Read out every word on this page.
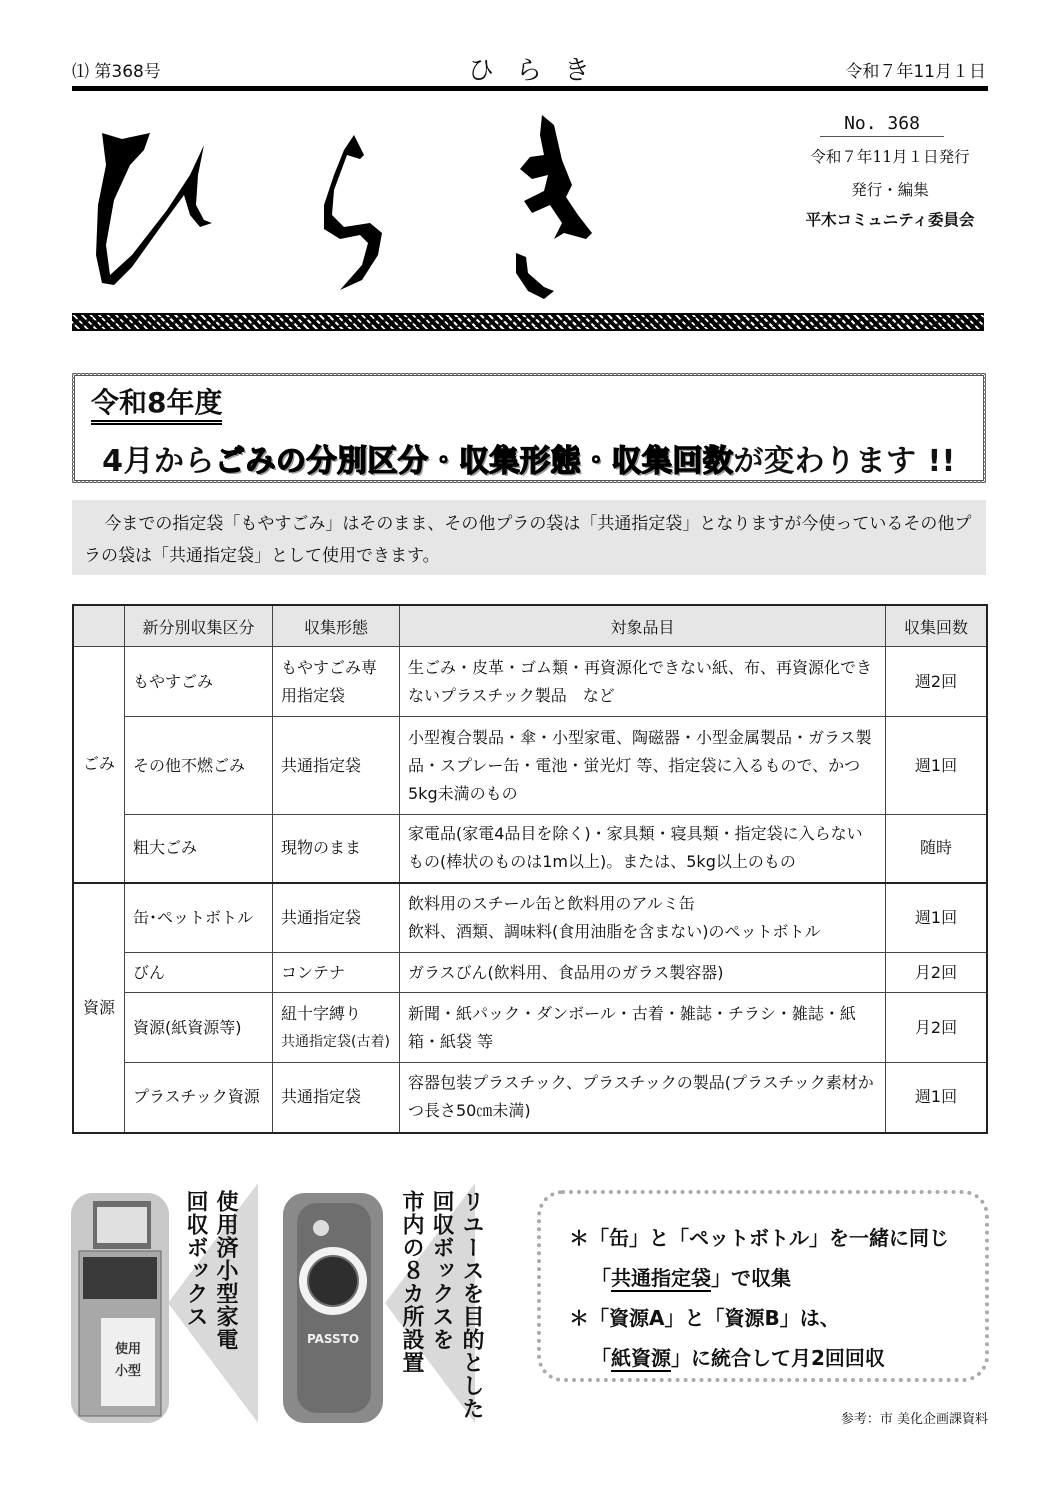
⑴ 第368号	ひらき	令和７年11月１日
No. 368
令和７年11月１日発行
発行・編集
平木コミュニティ委員会
令和8年度
4月からごみの分別区分・収集形態・収集回数が変わります !!

今までの指定袋「もやすごみ」はそのまま、その他プラの袋は「共通指定袋」となりますが今使っているその他プラの袋は「共通指定袋」として使用できます。

	新分別収集区分	収集形態	対象品目	収集回数
ごみ	もやすごみ	もやすごみ専用指定袋	生ごみ・皮革・ゴム類・再資源化できない紙、布、再資源化できないプラスチック製品　など	週2回
	その他不燃ごみ	共通指定袋	小型複合製品・傘・小型家電、陶磁器・小型金属製品・ガラス製品・スプレー缶・電池・蛍光灯 等、指定袋に入るもので、かつ5kg未満のもの	週1回
	粗大ごみ	現物のまま	家電品(家電4品目を除く)・家具類・寝具類・指定袋に入らないもの(棒状のものは1m以上)。または、5kg以上のもの	随時
資源	缶･ペットボトル	共通指定袋	飲料用のスチール缶と飲料用のアルミ缶
飲料、酒類、調味料(食用油脂を含まない)のペットボトル	週1回
	びん	コンテナ	ガラスびん(飲料用、食品用のガラス製容器)	月2回
	資源(紙資源等)	紐十字縛り
共通指定袋(古着)	新聞・紙パック・ダンボール・古着・雑誌・チラシ・雑誌・紙箱・紙袋 等	月2回
	プラスチック資源	共通指定袋	容器包装プラスチック、プラスチックの製品(プラスチック素材かつ長さ50㎝未満)	週1回
使用
小型
使用済小型家電
回収ボックス
PASSTO	リユースを目的とした
回収ボックスを
市内の８カ所設置	＊「缶」と「ペットボトル」を一緒に同じ
「共通指定袋」で収集
＊「資源A」と「資源B」は、
「紙資源」に統合して月2回回収
参考：市 美化企画課資料
